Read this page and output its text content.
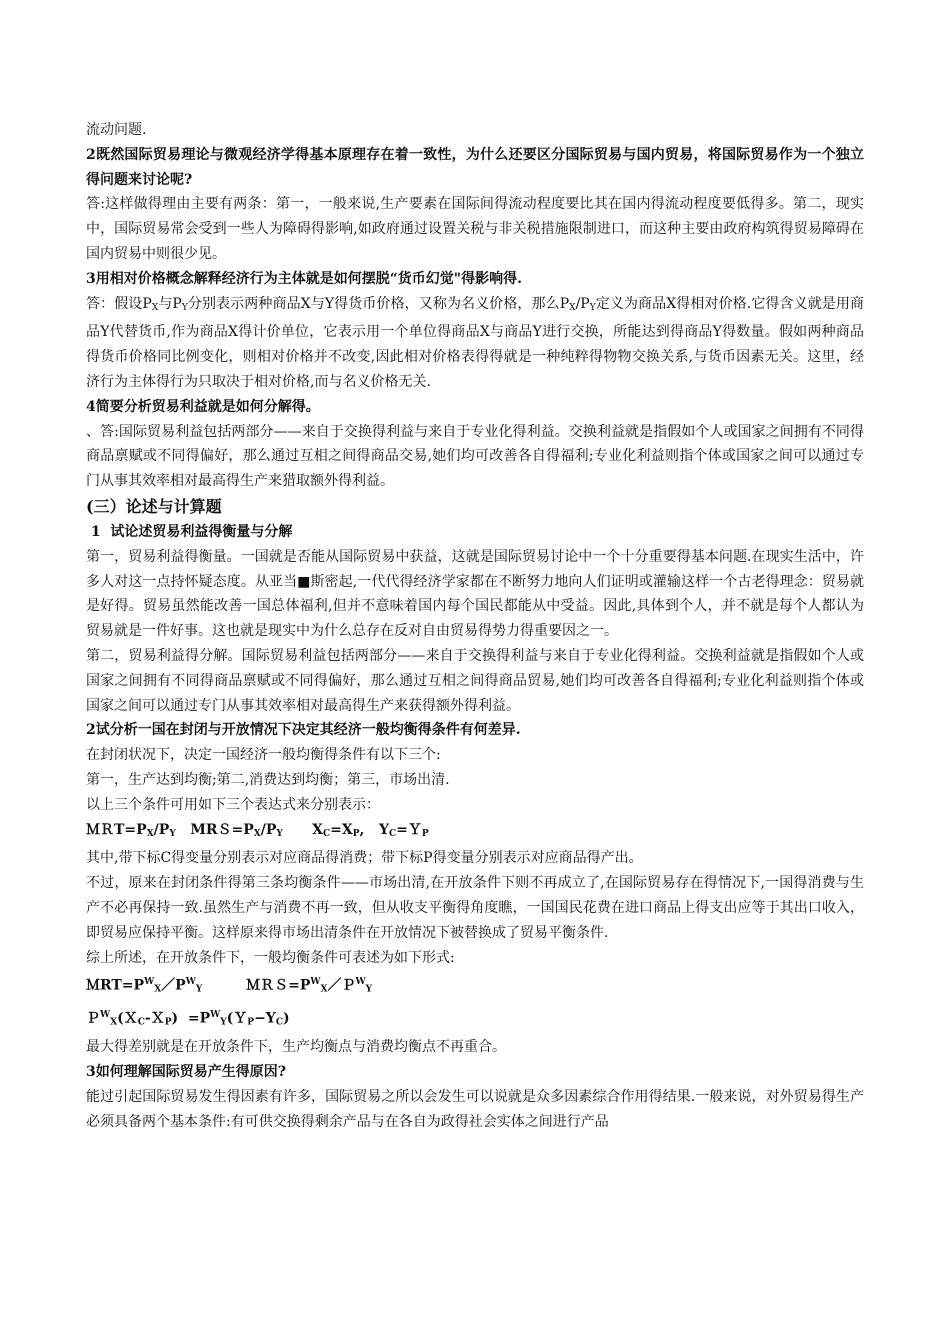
流动问题.

2既然国际贸易理论与微观经济学得基本原理存在着一致性，为什么还要区分国际贸易与国内贸易，将国际贸易作为一个独立得问题来讨论呢?

答:这样做得理由主要有两条：第一，一般来说,生产要素在国际间得流动程度要比其在国内得流动程度要低得多。第二，现实中，国际贸易常会受到一些人为障碍得影响,如政府通过设置关税与非关税措施限制进口，而这种主要由政府构筑得贸易障碍在国内贸易中则很少见。

3用相对价格概念解释经济行为主体就是如何摆脱“货币幻觉"得影响得.

答：假设$P_X$与$P_Y$分别表示两种商品X与Y得货币价格，又称为名义价格，那么$P_X/P_Y$定义为商品X得相对价格.它得含义就是用商品Y代替货币,作为商品X得计价单位，它表示用一个单位得商品X与商品Y进行交换，所能达到得商品Y得数量。假如两种商品得货币价格同比例变化，则相对价格并不改变,因此相对价格表得得就是一种纯粹得物物交换关系,与货币因素无关。这里，经济行为主体得行为只取决于相对价格,而与名义价格无关.

4简要分析贸易利益就是如何分解得。

、答:国际贸易利益包括两部分——来自于交换得利益与来自于专业化得利益。交换利益就是指假如个人或国家之间拥有不同得商品禀赋或不同得偏好，那么通过互相之间得商品交易,她们均可改善各自得福利;专业化利益则指个体或国家之间可以通过专门从事其效率相对最高得生产来猎取额外得利益。

(三）论述与计算题

1  试论述贸易利益得衡量与分解

第一，贸易利益得衡量。一国就是否能从国际贸易中获益，这就是国际贸易讨论中一个十分重要得基本问题.在现实生活中，许多人对这一点持怀疑态度。从亚当■斯密起,一代代得经济学家都在不断努力地向人们证明或灌输这样一个古老得理念：贸易就是好得。贸易虽然能改善一国总体福利,但并不意味着国内每个国民都能从中受益。因此,具体到个人，并不就是每个人都认为贸易就是一件好事。这也就是现实中为什么总存在反对自由贸易得势力得重要因之一。

第二，贸易利益得分解。国际贸易利益包括两部分——来自于交换得利益与来自于专业化得利益。交换利益就是指假如个人或国家之间拥有不同得商品禀赋或不同得偏好，那么通过互相之间得商品贸易,她们均可改善各自得福利;专业化利益则指个体或国家之间可以通过专门从事其效率相对最高得生产来获得额外得利益。

2试分析一国在封闭与开放情况下决定其经济一般均衡得条件有何差异.

在封闭状况下，决定一国经济一般均衡得条件有以下三个:

第一，生产达到均衡;第二,消费达到均衡；第三，市场出清.

以上三个条件可用如下三个表达式来分别表示：

$MRT=P_X/P_Y$   $MRS=P_X/P_Y$      $X_C=X_P$,   $Y_C=Y_P$

其中,带下标C得变量分别表示对应商品得消费；带下标P得变量分别表示对应商品得产出。

不过，原来在封闭条件得第三条均衡条件——市场出清,在开放条件下则不再成立了,在国际贸易存在得情况下,一国得消费与生产不必再保持一致.虽然生产与消费不再一致，但从收支平衡得角度瞧，一国国民花费在进口商品上得支出应等于其出口收入，即贸易应保持平衡。这样原来得市场出清条件在开放情况下被替换成了贸易平衡条件.

综上所述，在开放条件下，一般均衡条件可表述为如下形式:

$MRT=P^W_X/P^W_Y$         $MRS=P^W_X/P^W_Y$

Ｐ$^W_X$(Ｘ$_C$-Ｘ$_P$)  $=P^W_Y(Y_P-Y_C)$

最大得差别就是在开放条件下，生产均衡点与消费均衡点不再重合。

3如何理解国际贸易产生得原因?

能过引起国际贸易发生得因素有许多，国际贸易之所以会发生可以说就是众多因素综合作用得结果.一般来说，对外贸易得生产必须具备两个基本条件:有可供交换得剩余产品与在各自为政得社会实体之间进行产品
